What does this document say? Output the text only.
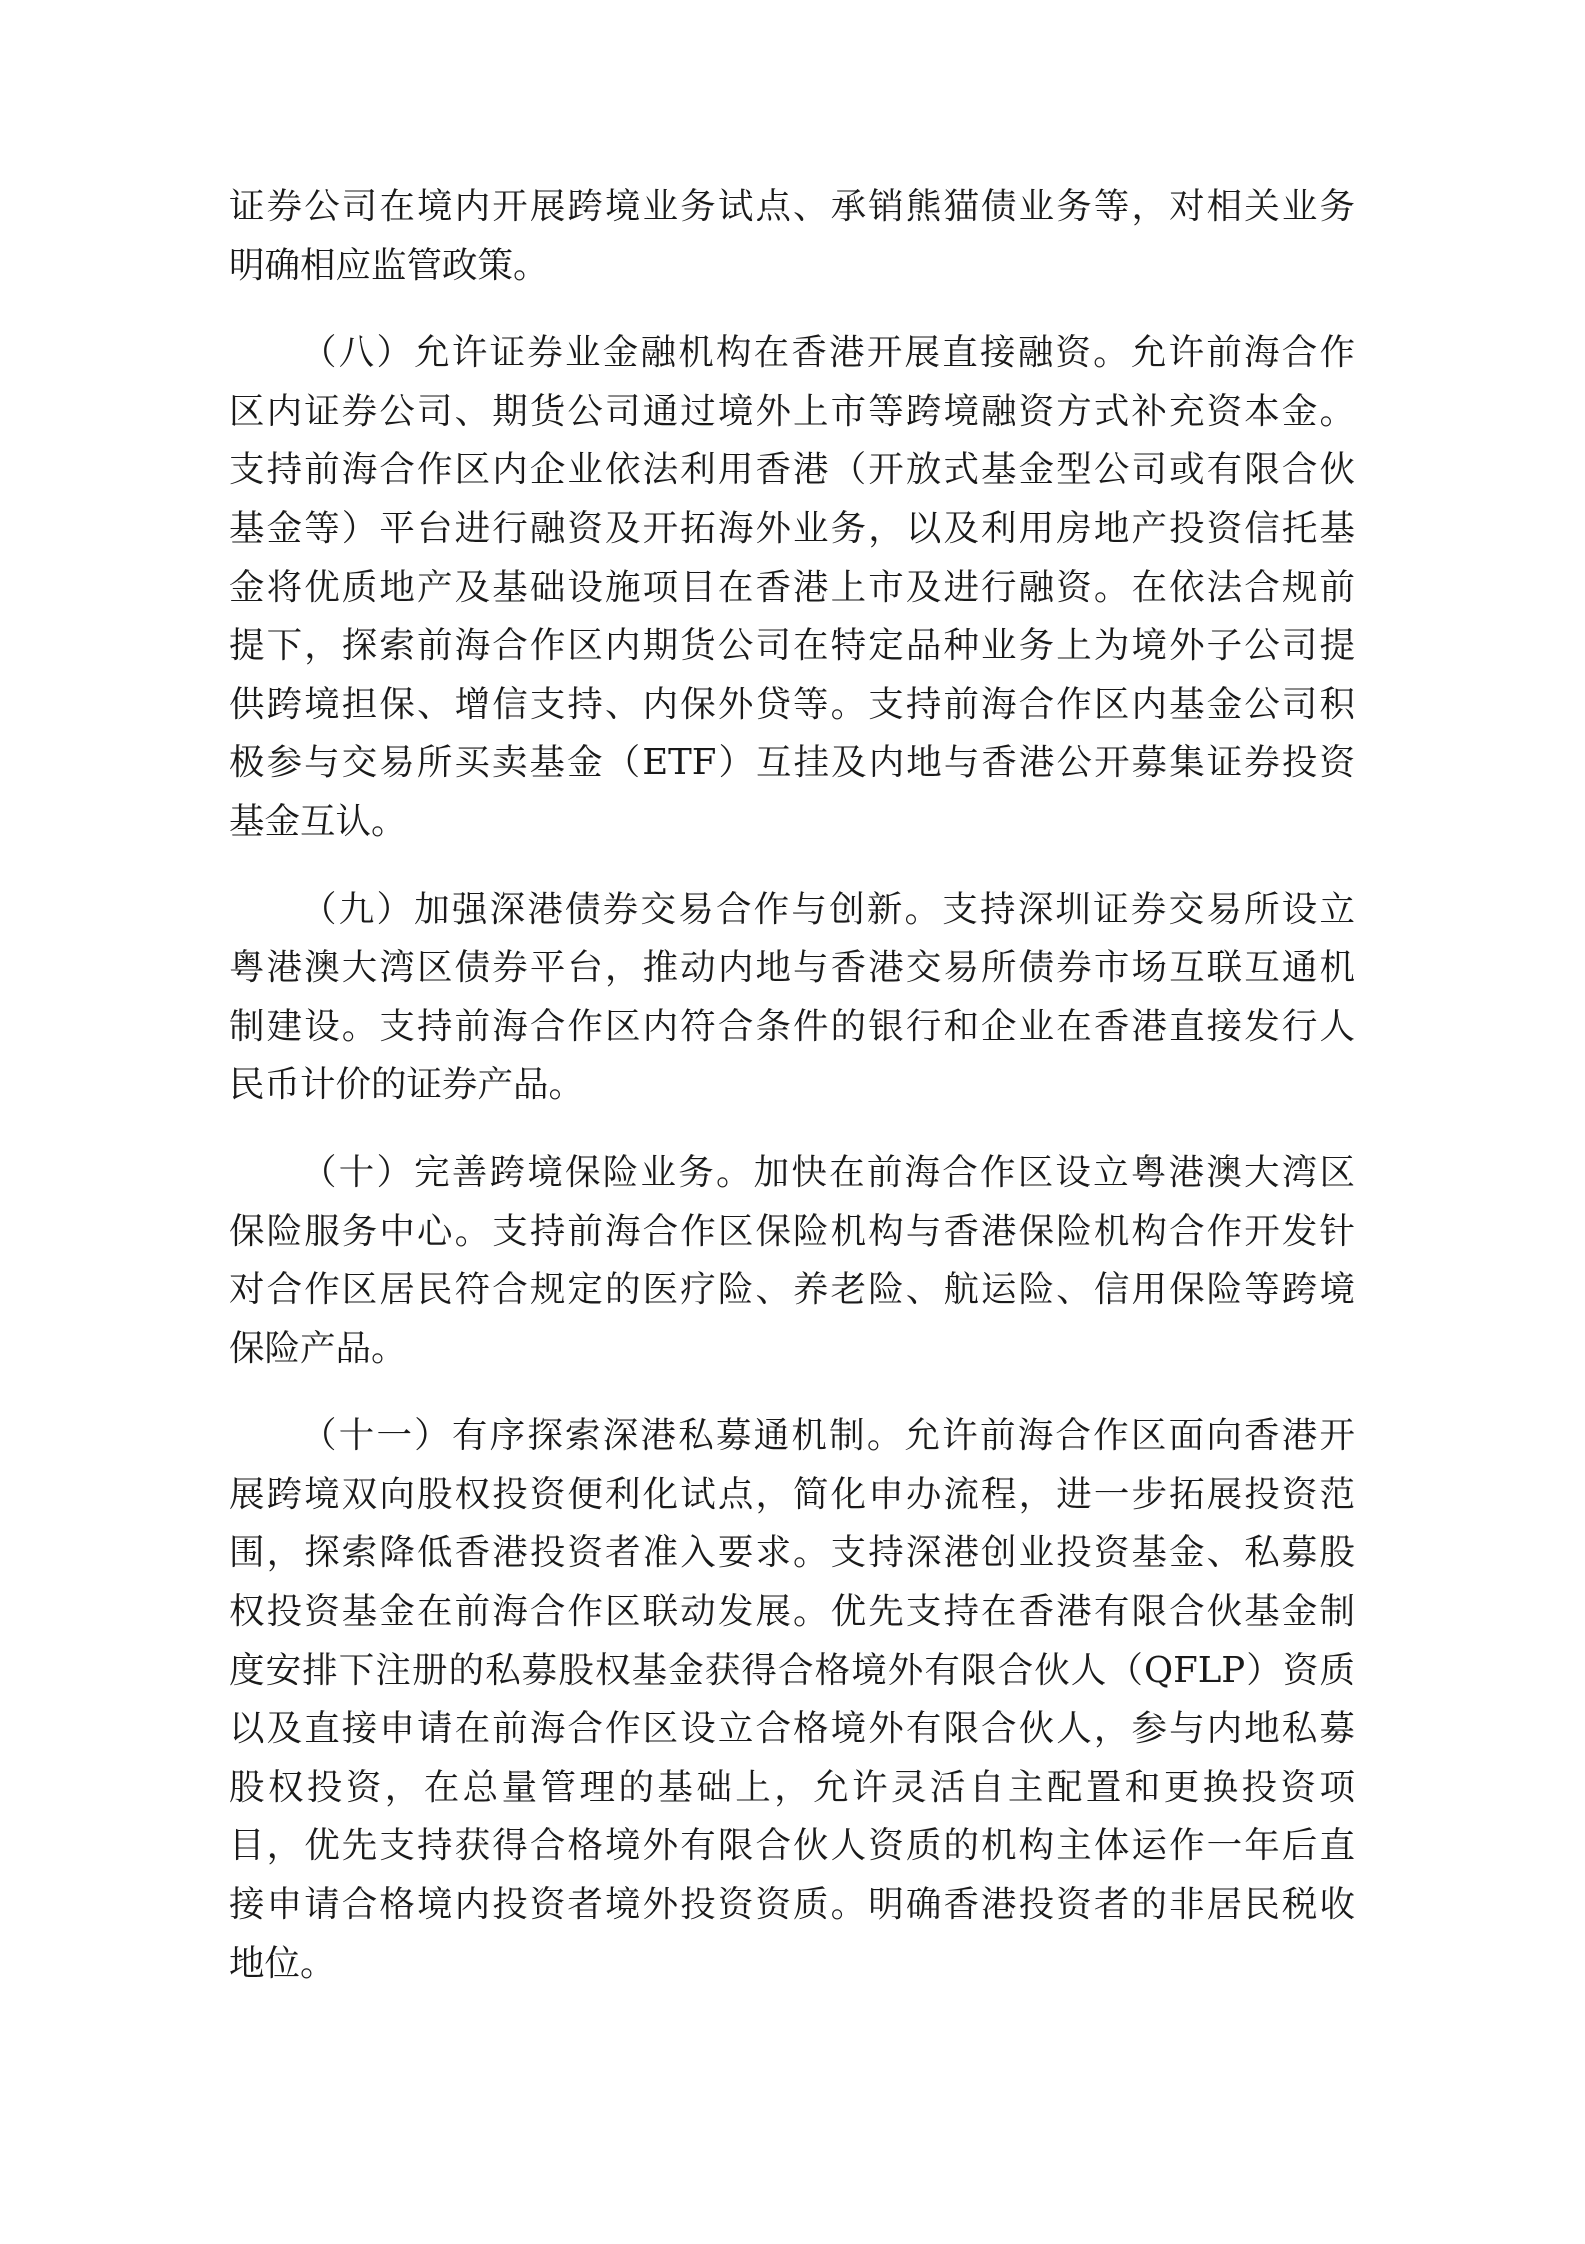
证券公司在境内开展跨境业务试点、承销熊猫债业务等，对相关业务
明确相应监管政策。
（八）允许证券业金融机构在香港开展直接融资。允许前海合作
区内证券公司、期货公司通过境外上市等跨境融资方式补充资本金。
支持前海合作区内企业依法利用香港（开放式基金型公司或有限合伙
基金等）平台进行融资及开拓海外业务，以及利用房地产投资信托基
金将优质地产及基础设施项目在香港上市及进行融资。在依法合规前
提下，探索前海合作区内期货公司在特定品种业务上为境外子公司提
供跨境担保、增信支持、内保外贷等。支持前海合作区内基金公司积
极参与交易所买卖基金（ETF）互挂及内地与香港公开募集证券投资
基金互认。
（九）加强深港债券交易合作与创新。支持深圳证券交易所设立
粤港澳大湾区债券平台，推动内地与香港交易所债券市场互联互通机
制建设。支持前海合作区内符合条件的银行和企业在香港直接发行人
民币计价的证券产品。
（十）完善跨境保险业务。加快在前海合作区设立粤港澳大湾区
保险服务中心。支持前海合作区保险机构与香港保险机构合作开发针
对合作区居民符合规定的医疗险、养老险、航运险、信用保险等跨境
保险产品。
（十一）有序探索深港私募通机制。允许前海合作区面向香港开
展跨境双向股权投资便利化试点，简化申办流程，进一步拓展投资范
围，探索降低香港投资者准入要求。支持深港创业投资基金、私募股
权投资基金在前海合作区联动发展。优先支持在香港有限合伙基金制
度安排下注册的私募股权基金获得合格境外有限合伙人（QFLP）资质
以及直接申请在前海合作区设立合格境外有限合伙人，参与内地私募
股权投资，在总量管理的基础上，允许灵活自主配置和更换投资项
目，优先支持获得合格境外有限合伙人资质的机构主体运作一年后直
接申请合格境内投资者境外投资资质。明确香港投资者的非居民税收
地位。
